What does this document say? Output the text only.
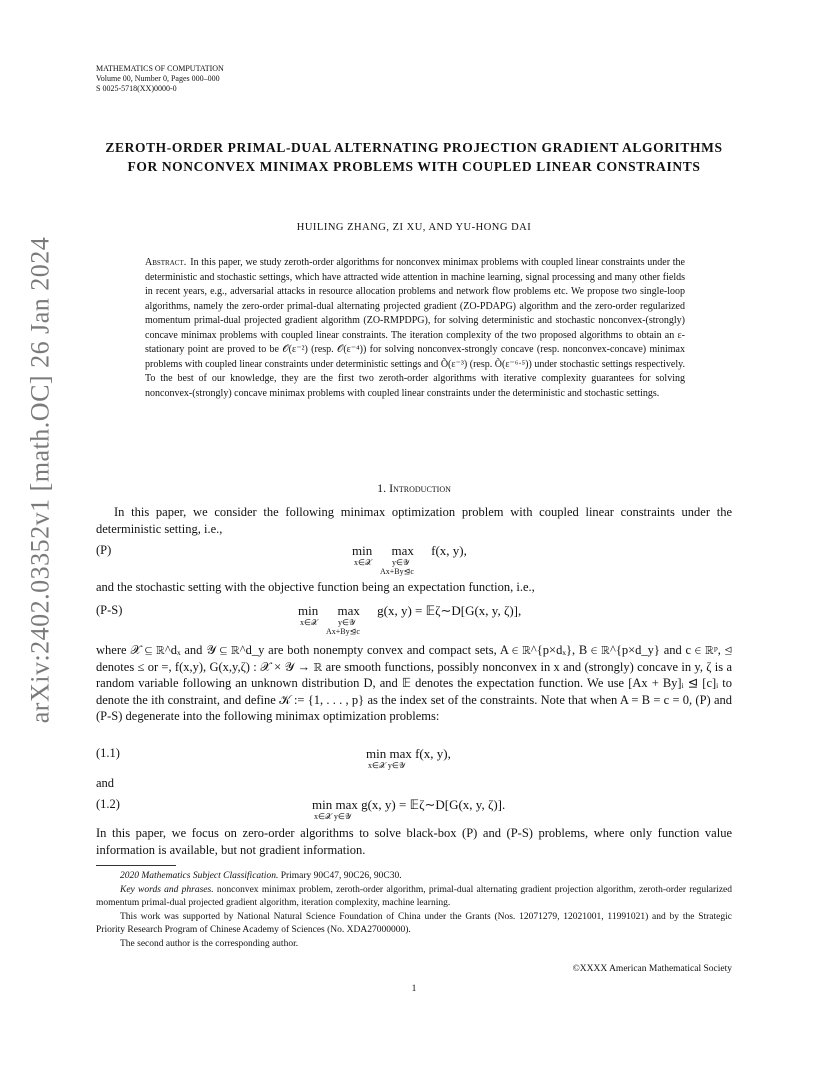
arXiv:2402.03352v1 [math.OC] 26 Jan 2024
MATHEMATICS OF COMPUTATION
Volume 00, Number 0, Pages 000–000
S 0025-5718(XX)0000-0
ZEROTH-ORDER PRIMAL-DUAL ALTERNATING PROJECTION GRADIENT ALGORITHMS FOR NONCONVEX MINIMAX PROBLEMS WITH COUPLED LINEAR CONSTRAINTS
HUILING ZHANG, ZI XU, AND YU-HONG DAI
Abstract. In this paper, we study zeroth-order algorithms for nonconvex minimax problems with coupled linear constraints under the deterministic and stochastic settings, which have attracted wide attention in machine learning, signal processing and many other fields in recent years, e.g., adversarial attacks in resource allocation problems and network flow problems etc. We propose two single-loop algorithms, namely the zero-order primal-dual alternating projected gradient (ZO-PDAPG) algorithm and the zero-order regularized momentum primal-dual projected gradient algorithm (ZO-RMPDPG), for solving deterministic and stochastic nonconvex-(strongly) concave minimax problems with coupled linear constraints. The iteration complexity of the two proposed algorithms to obtain an ε-stationary point are proved to be 𝒪(ε⁻²) (resp. 𝒪(ε⁻⁴)) for solving nonconvex-strongly concave (resp. nonconvex-concave) minimax problems with coupled linear constraints under deterministic settings and Õ(ε⁻³) (resp. Õ(ε⁻⁶·⁵)) under stochastic settings respectively. To the best of our knowledge, they are the first two zeroth-order algorithms with iterative complexity guarantees for solving nonconvex-(strongly) concave minimax problems with coupled linear constraints under the deterministic and stochastic settings.
1. Introduction
In this paper, we consider the following minimax optimization problem with coupled linear constraints under the deterministic setting, i.e.,
(P)	min max f(x, y),
x∈𝒳	y∈𝒴
Ax+By⊴c
and the stochastic setting with the objective function being an expectation function, i.e.,
(P-S)	min max g(x, y) = 𝔼ζ∼D[G(x, y, ζ)],
x∈𝒳	y∈𝒴
Ax+By⊴c
where 𝒳 ⊆ ℝ^dₓ and 𝒴 ⊆ ℝ^d_y are both nonempty convex and compact sets, A ∈ ℝ^{p×dₓ}, B ∈ ℝ^{p×d_y} and c ∈ ℝᵖ, ⊴ denotes ≤ or =, f(x,y), G(x,y,ζ) : 𝒳 × 𝒴 → ℝ are smooth functions, possibly nonconvex in x and (strongly) concave in y, ζ is a random variable following an unknown distribution D, and 𝔼 denotes the expectation function. We use [Ax + By]ᵢ ⊴ [c]ᵢ to denote the ith constraint, and define 𝒦 := {1, . . . , p} as the index set of the constraints. Note that when A = B = c = 0, (P) and (P-S) degenerate into the following minimax optimization problems:
(1.1)	min max f(x, y),
x∈𝒳 y∈𝒴
and
(1.2)	min max g(x, y) = 𝔼ζ∼D[G(x, y, ζ)].
x∈𝒳 y∈𝒴
In this paper, we focus on zero-order algorithms to solve black-box (P) and (P-S) problems, where only function value information is available, but not gradient information.

2020 Mathematics Subject Classification. Primary 90C47, 90C26, 90C30.

Key words and phrases. nonconvex minimax problem, zeroth-order algorithm, primal-dual alternating gradient projection algorithm, zeroth-order regularized momentum primal-dual projected gradient algorithm, iteration complexity, machine learning.

This work was supported by National Natural Science Foundation of China under the Grants (Nos. 12071279, 12021001, 11991021) and by the Strategic Priority Research Program of Chinese Academy of Sciences (No. XDA27000000).

The second author is the corresponding author.

©XXXX American Mathematical Society
1
